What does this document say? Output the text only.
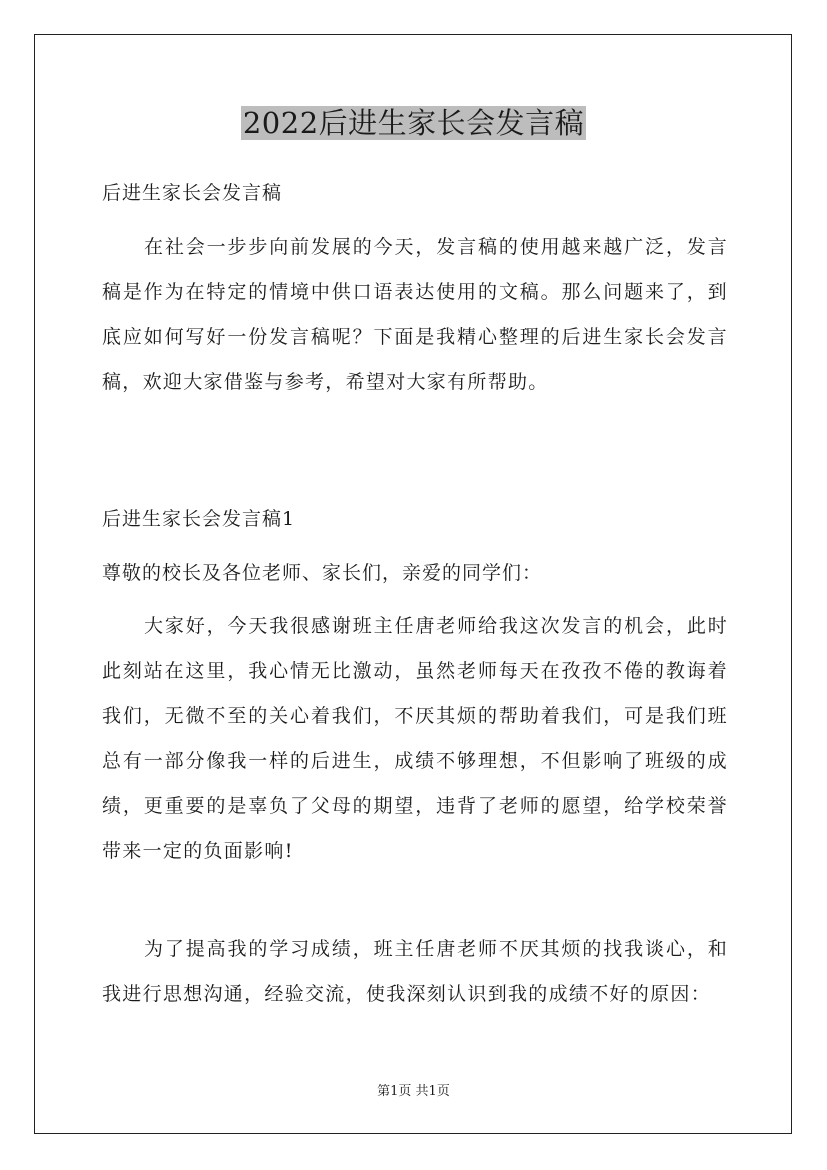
2022后进生家长会发言稿
后进生家长会发言稿
在社会一步步向前发展的今天，发言稿的使用越来越广泛，发言稿是作为在特定的情境中供口语表达使用的文稿。那么问题来了，到底应如何写好一份发言稿呢？下面是我精心整理的后进生家长会发言稿，欢迎大家借鉴与参考，希望对大家有所帮助。
后进生家长会发言稿1
尊敬的校长及各位老师、家长们，亲爱的同学们：
大家好，今天我很感谢班主任唐老师给我这次发言的机会，此时此刻站在这里，我心情无比激动，虽然老师每天在孜孜不倦的教诲着我们，无微不至的关心着我们，不厌其烦的帮助着我们，可是我们班总有一部分像我一样的后进生，成绩不够理想，不但影响了班级的成绩，更重要的是辜负了父母的期望，违背了老师的愿望，给学校荣誉带来一定的负面影响!
为了提高我的学习成绩，班主任唐老师不厌其烦的找我谈心，和我进行思想沟通，经验交流，使我深刻认识到我的成绩不好的原因：
第1页 共1页
